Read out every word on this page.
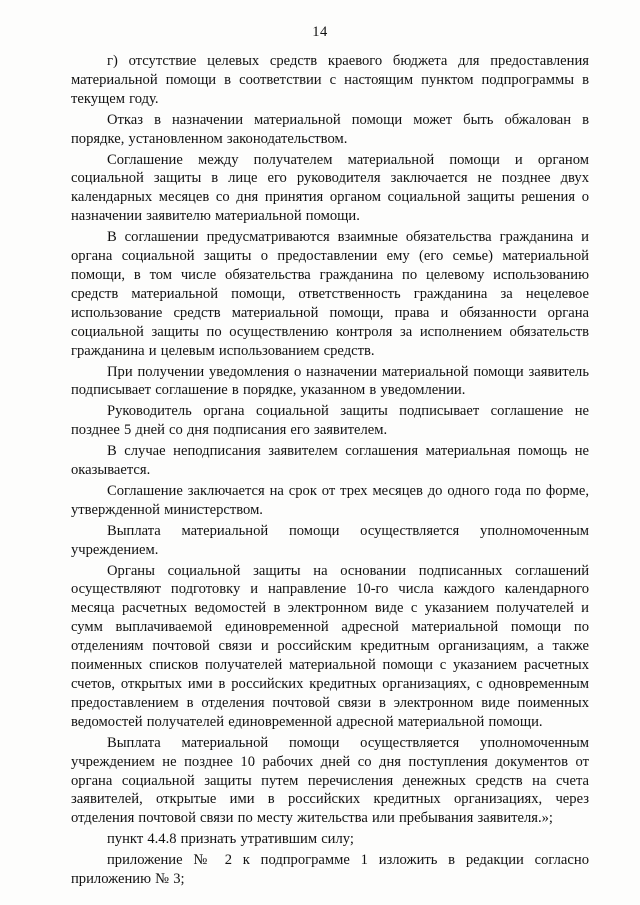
14

г) отсутствие целевых средств краевого бюджета для предоставления материальной помощи в соответствии с настоящим пунктом подпрограммы в текущем году.

Отказ в назначении материальной помощи может быть обжалован в порядке, установленном законодательством.

Соглашение между получателем материальной помощи и органом социальной защиты в лице его руководителя заключается не позднее двух календарных месяцев со дня принятия органом социальной защиты решения о назначении заявителю материальной помощи.

В соглашении предусматриваются взаимные обязательства гражданина и органа социальной защиты о предоставлении ему (его семье) материальной помощи, в том числе обязательства гражданина по целевому использованию средств материальной помощи, ответственность гражданина за нецелевое использование средств материальной помощи, права и обязанности органа социальной защиты по осуществлению контроля за исполнением обязательств гражданина и целевым использованием средств.

При получении уведомления о назначении материальной помощи заявитель подписывает соглашение в порядке, указанном в уведомлении.

Руководитель органа социальной защиты подписывает соглашение не позднее 5 дней со дня подписания его заявителем.

В случае неподписания заявителем соглашения материальная помощь не оказывается.

Соглашение заключается на срок от трех месяцев до одного года по форме, утвержденной министерством.

Выплата материальной помощи осуществляется уполномоченным учреждением.

Органы социальной защиты на основании подписанных соглашений осуществляют подготовку и направление 10-го числа каждого календарного месяца расчетных ведомостей в электронном виде с указанием получателей и сумм выплачиваемой единовременной адресной материальной помощи по отделениям почтовой связи и российским кредитным организациям, а также поименных списков получателей материальной помощи с указанием расчетных счетов, открытых ими в российских кредитных организациях, с одновременным предоставлением в отделения почтовой связи в электронном виде поименных ведомостей получателей единовременной адресной материальной помощи.

Выплата материальной помощи осуществляется уполномоченным учреждением не позднее 10 рабочих дней со дня поступления документов от органа социальной защиты путем перечисления денежных средств на счета заявителей, открытые ими в российских кредитных организациях, через отделения почтовой связи по месту жительства или пребывания заявителя.»;

пункт 4.4.8 признать утратившим силу;

приложение № 2 к подпрограмме 1 изложить в редакции согласно приложению № 3;
